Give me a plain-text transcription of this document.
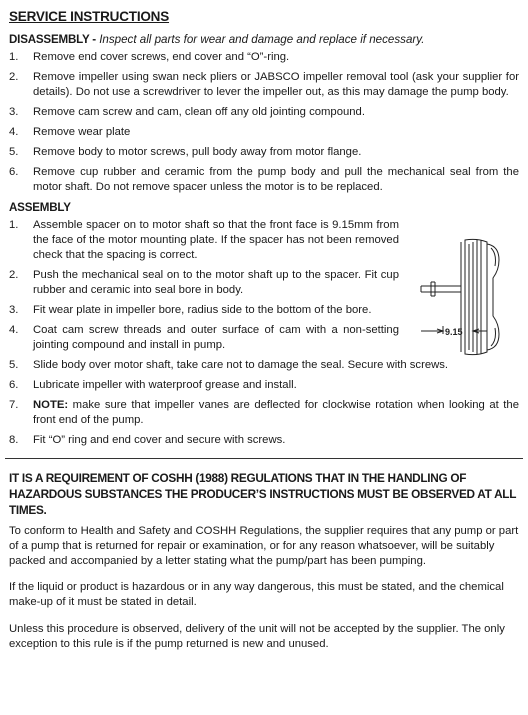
SERVICE INSTRUCTIONS
DISASSEMBLY - Inspect all parts for wear and damage and replace if necessary.
1. Remove end cover screws, end cover and “O”-ring.
2. Remove impeller using swan neck pliers or JABSCO impeller removal tool (ask your supplier for details). Do not use a screwdriver to lever the impeller out, as this may damage the pump body.
3. Remove cam screw and cam, clean off any old jointing compound.
4. Remove wear plate
5. Remove body to motor screws, pull body away from motor flange.
6. Remove cup rubber and ceramic from the pump body and pull the mechanical seal from the motor shaft. Do not remove spacer unless the motor is to be replaced.
ASSEMBLY
9.15
1. Assemble spacer on to motor shaft so that the front face is 9.15mm from the face of the motor mounting plate. If the spacer has not been removed check that the spacing is correct.
2. Push the mechanical seal on to the motor shaft up to the spacer. Fit cup rubber and ceramic into seal bore in body.
3. Fit wear plate in impeller bore, radius side to the bottom of the bore.
4. Coat cam screw threads and outer surface of cam with a non-setting jointing compound and install in pump.
5. Slide body over motor shaft, take care not to damage the seal. Secure with screws.
6. Lubricate impeller with waterproof grease and install.
7. NOTE: make sure that impeller vanes are deflected for clockwise rotation when looking at the front end of the pump.
8. Fit “O” ring and end cover and secure with screws.
IT IS A REQUIREMENT OF COSHH (1988) REGULATIONS THAT IN THE HANDLING OF HAZARDOUS SUBSTANCES THE PRODUCER’S INSTRUCTIONS MUST BE OBSERVED AT ALL TIMES.

To conform to Health and Safety and COSHH Regulations, the supplier requires that any pump or part of a pump that is returned for repair or examination, or for any reason whatsoever, will be suitably packed and accompanied by a letter stating what the pump/part has been pumping.

If the liquid or product is hazardous or in any way dangerous, this must be stated, and the chemical make-up of it must be stated in detail.

Unless this procedure is observed, delivery of the unit will not be accepted by the supplier. The only exception to this rule is if the pump returned is new and unused.
